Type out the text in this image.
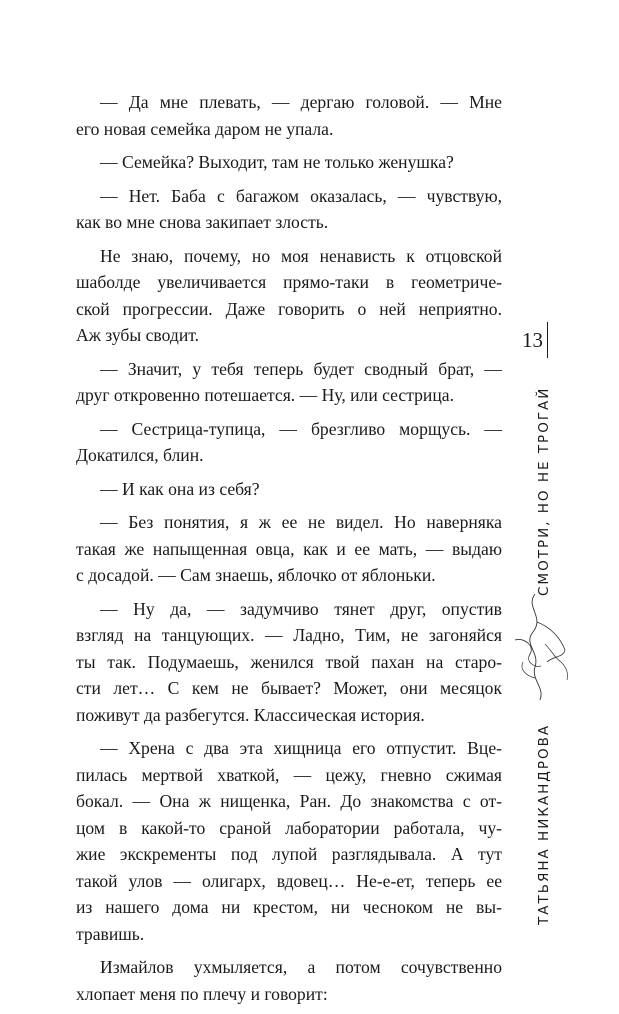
— Да мне плевать, — дергаю головой. — Мне
его новая семейка даром не упала.

— Семейка? Выходит, там не только женушка?

— Нет. Баба с багажом оказалась, — чувствую,
как во мне снова закипает злость.

Не знаю, почему, но моя ненависть к отцовской
шаболде увеличивается прямо-таки в геометриче-
ской прогрессии. Даже говорить о ней неприятно.
Аж зубы сводит.

— Значит, у тебя теперь будет сводный брат, —
друг откровенно потешается. — Ну, или сестрица.

— Сестрица-тупица, — брезгливо морщусь. —
Докатился, блин.

— И как она из себя?

— Без понятия, я ж ее не видел. Но наверняка
такая же напыщенная овца, как и ее мать, — выдаю
с досадой. — Сам знаешь, яблочко от яблоньки.

— Ну да, — задумчиво тянет друг, опустив
взгляд на танцующих. — Ладно, Тим, не загоняйся
ты так. Подумаешь, женился твой пахан на старо-
сти лет… С кем не бывает? Может, они месяцок
поживут да разбегутся. Классическая история.

— Хрена с два эта хищница его отпустит. Вце-
пилась мертвой хваткой, — цежу, гневно сжимая
бокал. — Она ж нищенка, Ран. До знакомства с от-
цом в какой-то сраной лаборатории работала, чу-
жие экскременты под лупой разглядывала. А тут
такой улов — олигарх, вдовец… Не-е-ет, теперь ее
из нашего дома ни крестом, ни чесноком не вы-
травишь.

Измайлов ухмыляется, а потом сочувственно
хлопает меня по плечу и говорит:

13
СМОТРИ, НО НЕ ТРОГАЙ
ТАТЬЯНА НИКАНДРОВА
